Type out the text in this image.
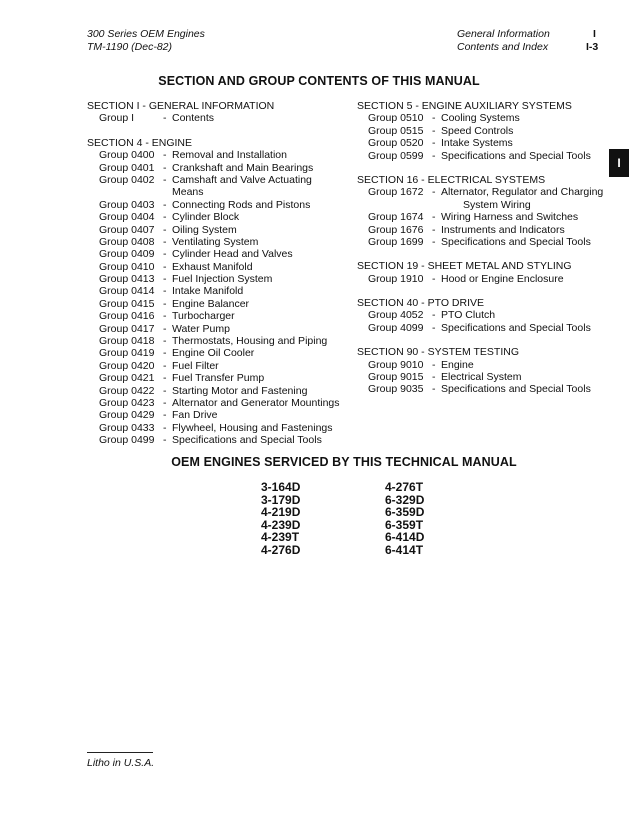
300 Series OEM Engines
TM-1190 (Dec-82)
General Information
Contents and Index
I
I-3
SECTION AND GROUP CONTENTS OF THIS MANUAL
SECTION I - GENERAL INFORMATION
Group I	- Contents
SECTION 4 - ENGINE
Group 0400 - Removal and Installation
Group 0401 - Crankshaft and Main Bearings
Group 0402 - Camshaft and Valve Actuating
Means
Group 0403 - Connecting Rods and Pistons
Group 0404 - Cylinder Block
Group 0407 - Oiling System
Group 0408 - Ventilating System
Group 0409 - Cylinder Head and Valves
Group 0410 - Exhaust Manifold
Group 0413 - Fuel Injection System
Group 0414 - Intake Manifold
Group 0415 - Engine Balancer
Group 0416 - Turbocharger
Group 0417 - Water Pump
Group 0418 - Thermostats, Housing and Piping
Group 0419 - Engine Oil Cooler
Group 0420 - Fuel Filter
Group 0421 - Fuel Transfer Pump
Group 0422 - Starting Motor and Fastening
Group 0423 - Alternator and Generator Mountings
Group 0429 - Fan Drive
Group 0433 - Flywheel, Housing and Fastenings
Group 0499 - Specifications and Special Tools
SECTION 5 - ENGINE AUXILIARY SYSTEMS
Group 0510 - Cooling Systems
Group 0515 - Speed Controls
Group 0520 - Intake Systems
Group 0599 - Specifications and Special Tools
SECTION 16 - ELECTRICAL SYSTEMS
Group 1672 - Alternator, Regulator and Charging
System Wiring
Group 1674 - Wiring Harness and Switches
Group 1676 - Instruments and Indicators
Group 1699 - Specifications and Special Tools
SECTION 19 - SHEET METAL AND STYLING
Group 1910 - Hood or Engine Enclosure
SECTION 40 - PTO DRIVE
Group 4052 - PTO Clutch
Group 4099 - Specifications and Special Tools
SECTION 90 - SYSTEM TESTING
Group 9010 - Engine
Group 9015 - Electrical System
Group 9035 - Specifications and Special Tools
I
OEM ENGINES SERVICED BY THIS TECHNICAL MANUAL
3-164D
3-179D
4-219D
4-239D
4-239T
4-276D
4-276T
6-329D
6-359D
6-359T
6-414D
6-414T
Litho in U.S.A.
